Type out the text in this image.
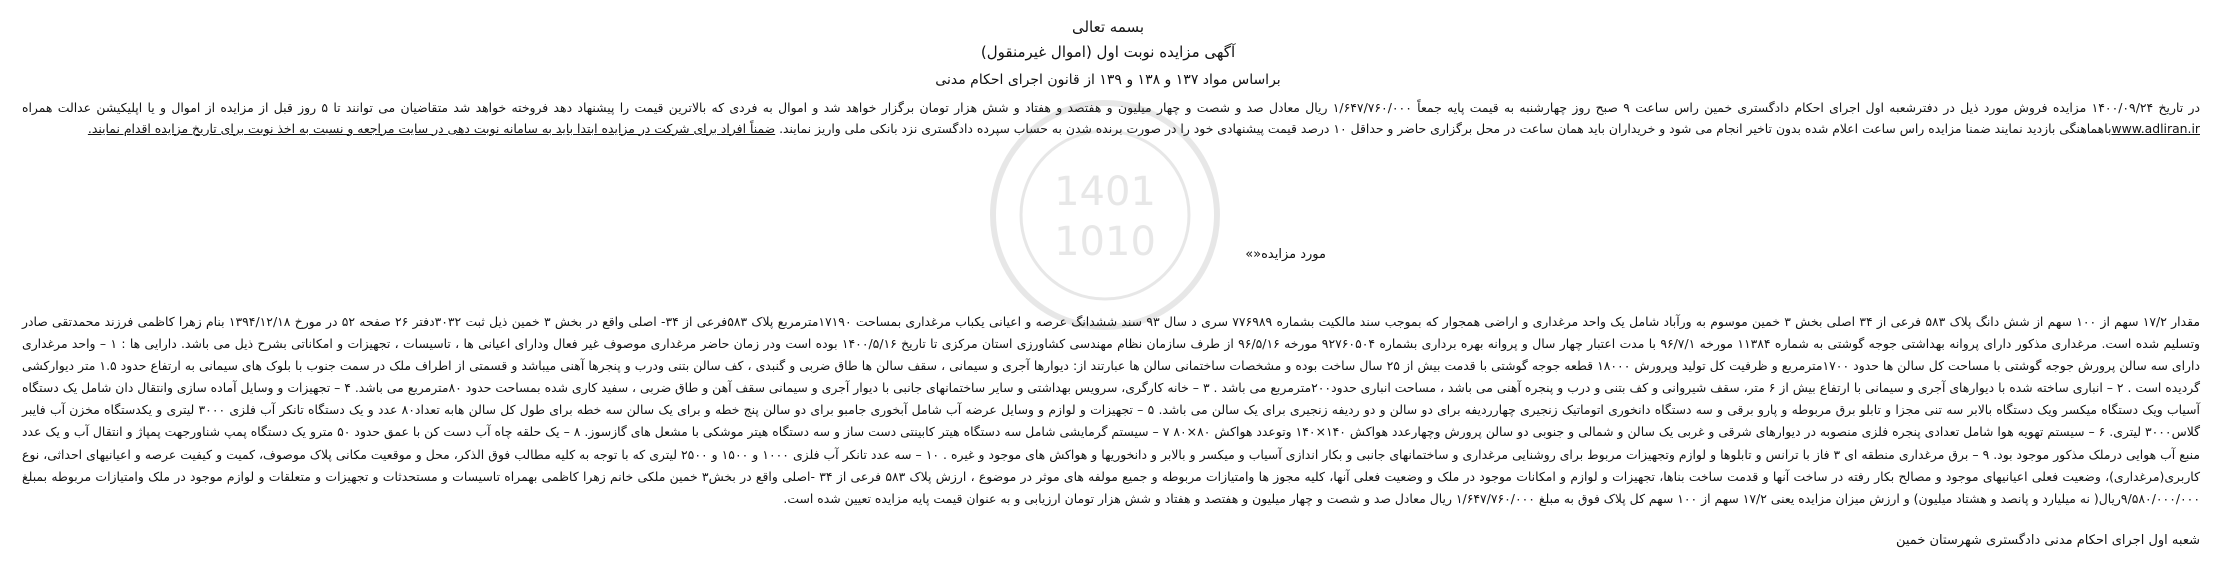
1401
1010
بسمه تعالی
آگهی مزایده نوبت اول (اموال غیرمنقول)
براساس مواد ۱۳۷ و ۱۳۸ و ۱۳۹ از قانون اجرای احکام مدنی
در تاریخ ۱۴۰۰/۰۹/۲۴ مزایده فروش مورد ذیل در دفترشعبه اول اجرای احکام دادگستری خمین راس ساعت ۹ صبح روز چهارشنبه به قیمت پایه جمعاً ۱/۶۴۷/۷۶۰/۰۰۰ ریال معادل صد و شصت و چهار میلیون و هفتصد و هفتاد و شش هزار تومان برگزار خواهد شد و اموال به فردی که بالاترین قیمت را پیشنهاد دهد فروخته خواهد شد متقاضیان می توانند تا ۵ روز قبل از مزایده از اموال و یا اپلیکیشن عدالت همراه www.adliran.irباهماهنگی بازدید نمایند ضمنا مزایده راس ساعت اعلام شده بدون تاخیر انجام می شود و خریداران باید همان ساعت در محل برگزاری حاضر و حداقل ۱۰ درصد قیمت پیشنهادی خود را در صورت برنده شدن به حساب سپرده دادگستری نزد بانکی ملی واریز نمایند. ضمناً افراد برای شرکت در مزایده ابتدا باید به سامانه نوبت دهی در سایت مراجعه و نسبت به اخذ نوبت برای تاریخ مزایده اقدام نمایند.
مورد مزایده«»
مقدار ۱۷/۲ سهم از ۱۰۰ سهم از شش دانگ پلاک ۵۸۳ فرعی از ۳۴ اصلی بخش ۳ خمین موسوم به ورآباد شامل یک واحد مرغداری و اراضی همجوار که بموجب سند مالکیت بشماره ۷۷۶۹۸۹ سری د سال ۹۳ سند ششدانگ عرصه و اعیانی یکباب مرغداری بمساحت ۱۷۱۹۰مترمربع پلاک ۵۸۳فرعی از ۳۴- اصلی واقع در بخش ۳ خمین ذیل ثبت ۳۰۳۲دفتر ۲۶ صفحه ۵۲ در مورخ ۱۳۹۴/۱۲/۱۸ بنام زهرا کاظمی فرزند محمدتقی صادر وتسلیم شده است. مرغداری مذکور دارای پروانه بهداشتی جوجه گوشتی به شماره ۱۱۳۸۴ مورخه ۹۶/۷/۱ با مدت اعتبار چهار سال و پروانه بهره برداری بشماره ۹۲۷۶۰۵۰۴ مورخه ۹۶/۵/۱۶ از طرف سازمان نظام مهندسی کشاورزی استان مرکزی تا تاریخ ۱۴۰۰/۵/۱۶ بوده است ودر زمان حاضر مرغداری موصوف غیر فعال ودارای اعیانی ها ، تاسیسات ، تجهیزات و امکاناتی بشرح ذیل می باشد. دارایی ها : ۱ – واحد مرغداری دارای سه سالن پرورش جوجه گوشتی با مساحت کل سالن ها حدود ۱۷۰۰مترمربع و ظرفیت کل تولید وپرورش ۱۸۰۰۰ قطعه جوجه گوشتی با قدمت بیش از ۲۵ سال ساخت بوده و مشخصات ساختمانی سالن ها عبارتند از: دیوارها آجری و سیمانی ، سقف سالن ها طاق ضربی و گنبدی ، کف سالن بتنی ودرب و پنجرها آهنی میباشد و قسمتی از اطراف ملک در سمت جنوب با بلوک های سیمانی به ارتفاع حدود ۱.۵ متر دیوارکشی گردیده است . ۲ – انباری ساخته شده با دیوارهای آجری و سیمانی با ارتفاع بیش از ۶ متر، سقف شیروانی و کف بتنی و درب و پنجره آهنی می باشد ، مساحت انباری حدود۲۰۰مترمربع می باشد . ۳ – خانه کارگری، سرویس بهداشتی و سایر ساختمانهای جانبی با دیوار آجری و سیمانی سقف آهن و طاق ضربی ، سفید کاری شده بمساحت حدود ۸۰مترمربع می باشد. ۴ – تجهیزات و وسایل آماده سازی وانتقال دان شامل یک دستگاه آسیاب ویک دستگاه میکسر ویک دستگاه بالابر سه تنی مجزا و تابلو برق مربوطه و پارو برقی و سه دستگاه دانخوری اتوماتیک زنجیری چهارردیفه برای دو سالن و دو ردیفه زنجیری برای یک سالن می باشد. ۵ – تجهیزات و لوازم و وسایل عرضه آب شامل آبخوری جامبو برای دو سالن پنج خطه و برای یک سالن سه خطه برای طول کل سالن هابه تعداد۸۰ عدد و یک دستگاه تانکر آب فلزی ۳۰۰۰ لیتری و یکدستگاه مخزن آب فایبر گلاس۳۰۰۰ لیتری. ۶ – سیستم تهویه هوا شامل تعدادی پنجره فلزی منصوبه در دیوارهای شرقی و غربی یک سالن و شمالی و جنوبی دو سالن پرورش وچهارعدد هواکش ۱۴۰×۱۴۰ وتوعدد هواکش ۸۰×۸۰ ۷ – سیستم گرمایشی شامل سه دستگاه هیتر کابینتی دست ساز و سه دستگاه هیتر موشکی با مشعل های گازسوز. ۸ – یک حلقه چاه آب دست کن با عمق حدود ۵۰ مترو یک دستگاه پمپ شناورجهت پمپاژ و انتقال آب و یک عدد منبع آب هوایی درملک مذکور موجود بود. ۹ – برق مرغداری منطقه ای ۳ فاز با ترانس و تابلوها و لوازم وتجهیزات مربوط برای روشنایی مرغداری و ساختمانهای جانبی و بکار اندازی آسیاب و میکسر و بالابر و دانخوریها و هواکش های موجود و غیره . ۱۰ – سه عدد تانکر آب فلزی ۱۰۰۰ و ۱۵۰۰ و ۲۵۰۰ لیتری که با توجه به کلیه مطالب فوق الذکر، محل و موقعیت مکانی پلاک موصوف، کمیت و کیفیت عرصه و اعیانیهای احداثی، نوع کاربری(مرغداری)، وضعیت فعلی اعیانیهای موجود و مصالح بکار رفته در ساخت آنها و قدمت ساخت بناها، تجهیزات و لوازم و امکانات موجود در ملک و وضعیت فعلی آنها، کلیه مجوز ها وامتیازات مربوطه و جمیع مولفه های موثر در موضوع ، ارزش پلاک ۵۸۳ فرعی از ۳۴ -اصلی واقع در بخش۳ خمین ملکی خانم زهرا کاظمی بهمراه تاسیسات و مستحدثات و تجهیزات و متعلقات و لوازم موجود در ملک وامتیازات مربوطه بمبلغ ۹/۵۸۰/۰۰۰/۰۰۰ریال( نه میلیارد و پانصد و هشتاد میلیون) و ارزش میزان مزایده یعنی ۱۷/۲ سهم از ۱۰۰ سهم کل پلاک فوق به مبلغ ۱/۶۴۷/۷۶۰/۰۰۰ ریال معادل صد و شصت و چهار میلیون و هفتصد و هفتاد و شش هزار تومان ارزیابی و به عنوان قیمت پایه مزایده تعیین شده است.
شعبه اول اجرای احکام مدنی دادگستری شهرستان خمین
